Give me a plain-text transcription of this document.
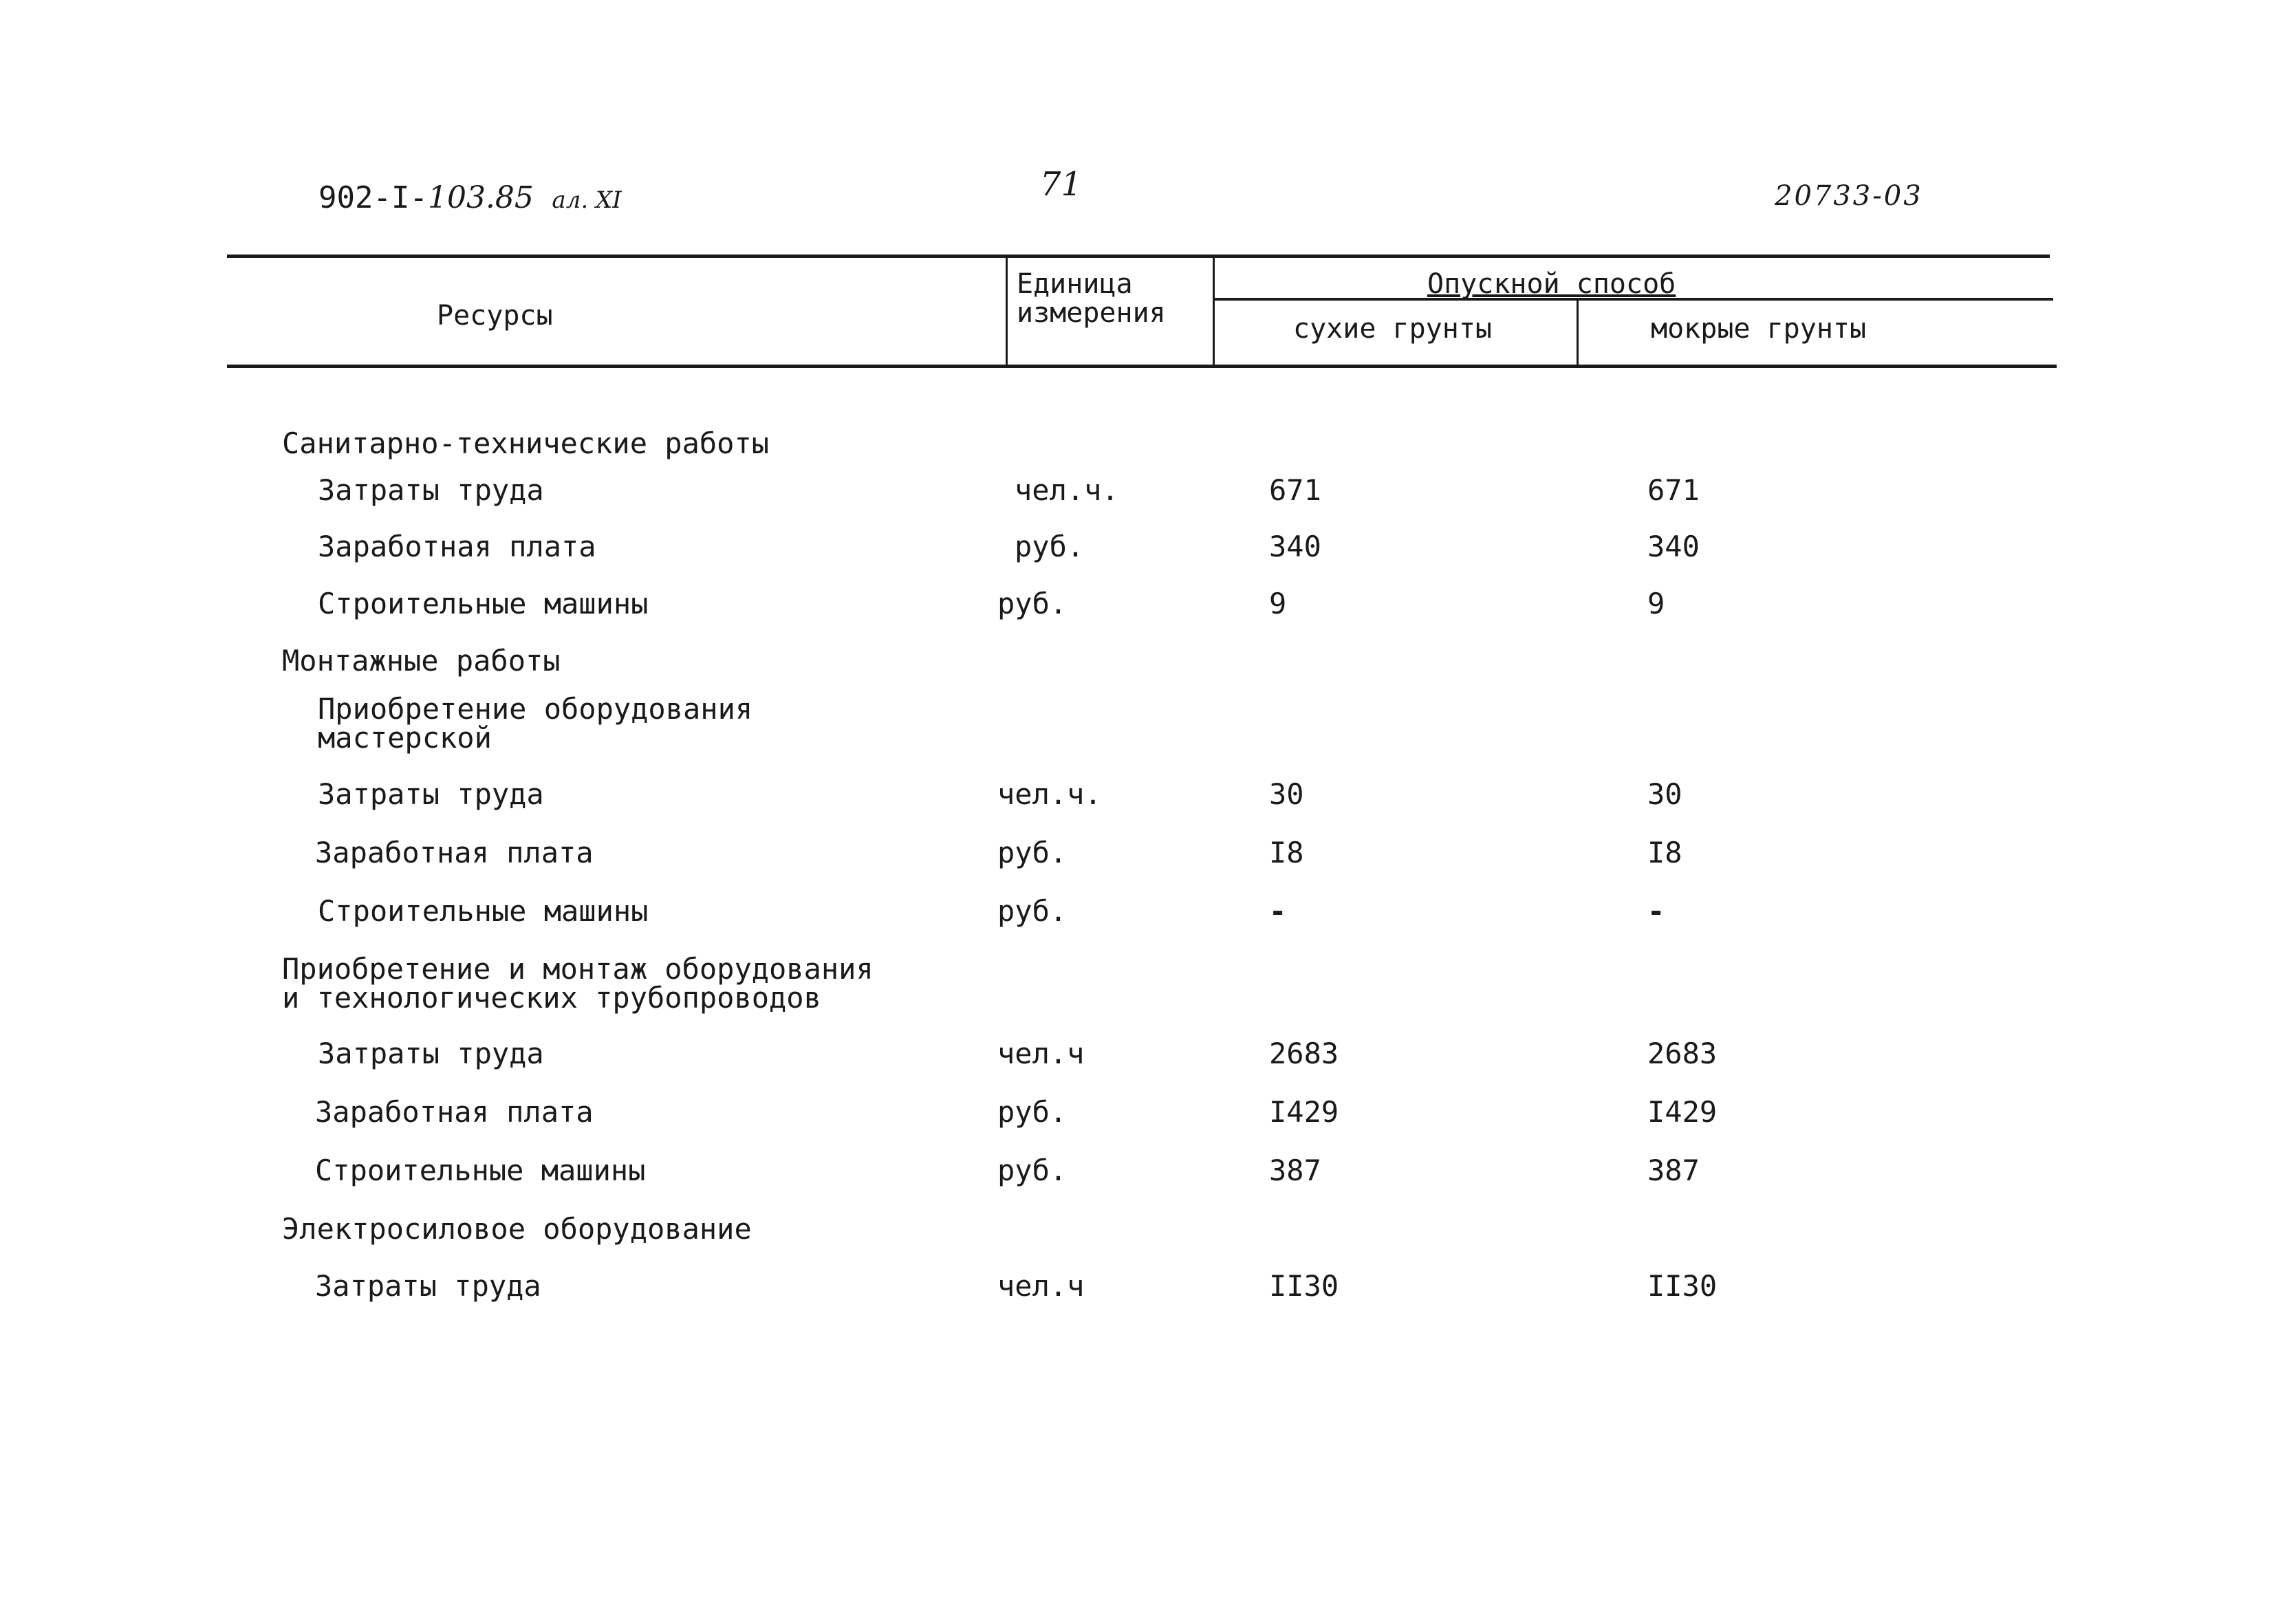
902-I-103.85 ал. XI	71	20733-03
Ресурсы
Единица
измерения
Опускной способ
сухие грунты	мокрые грунты
Санитарно-технические работы
Затраты труда	чел.ч.	671	671
Заработная плата	руб.	340	340
Строительные машины	руб.	9	9
Монтажные работы
Приобретение оборудования
мастерской
Затраты труда	чел.ч.	30	30
Заработная плата	руб.	I8	I8
Строительные машины	руб.	-	-
Приобретение и монтаж оборудования
и технологических трубопроводов
Затраты труда	чел.ч	2683	2683
Заработная плата	руб.	I429	I429
Строительные машины	руб.	387	387
Электросиловое оборудование
Затраты труда	чел.ч	II30	II30
